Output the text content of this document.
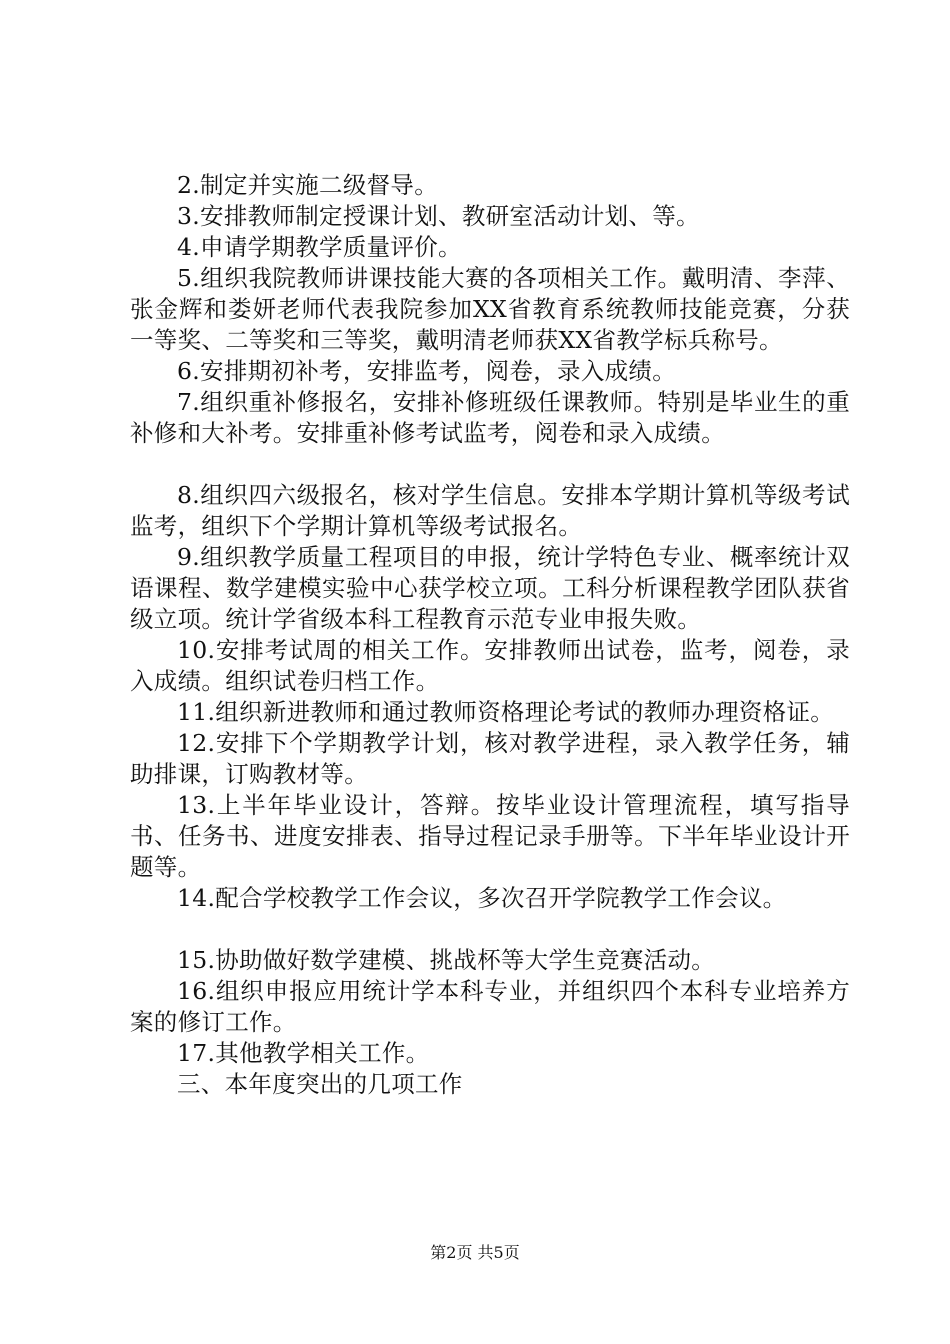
2.制定并实施二级督导。

3.安排教师制定授课计划、教研室活动计划、等。

4.申请学期教学质量评价。

5.组织我院教师讲课技能大赛的各项相关工作。戴明清、李萍、张金辉和娄妍老师代表我院参加XX省教育系统教师技能竞赛，分获一等奖、二等奖和三等奖，戴明清老师获XX省教学标兵称号。

6.安排期初补考，安排监考，阅卷，录入成绩。

7.组织重补修报名，安排补修班级任课教师。特别是毕业生的重补修和大补考。安排重补修考试监考，阅卷和录入成绩。

8.组织四六级报名，核对学生信息。安排本学期计算机等级考试监考，组织下个学期计算机等级考试报名。

9.组织教学质量工程项目的申报，统计学特色专业、概率统计双语课程、数学建模实验中心获学校立项。工科分析课程教学团队获省级立项。统计学省级本科工程教育示范专业申报失败。

10.安排考试周的相关工作。安排教师出试卷，监考，阅卷，录入成绩。组织试卷归档工作。

11.组织新进教师和通过教师资格理论考试的教师办理资格证。

12.安排下个学期教学计划，核对教学进程，录入教学任务，辅助排课，订购教材等。

13.上半年毕业设计，答辩。按毕业设计管理流程，填写指导书、任务书、进度安排表、指导过程记录手册等。下半年毕业设计开题等。

14.配合学校教学工作会议，多次召开学院教学工作会议。

15.协助做好数学建模、挑战杯等大学生竞赛活动。

16.组织申报应用统计学本科专业，并组织四个本科专业培养方案的修订工作。

17.其他教学相关工作。

三、本年度突出的几项工作

第2页 共5页
